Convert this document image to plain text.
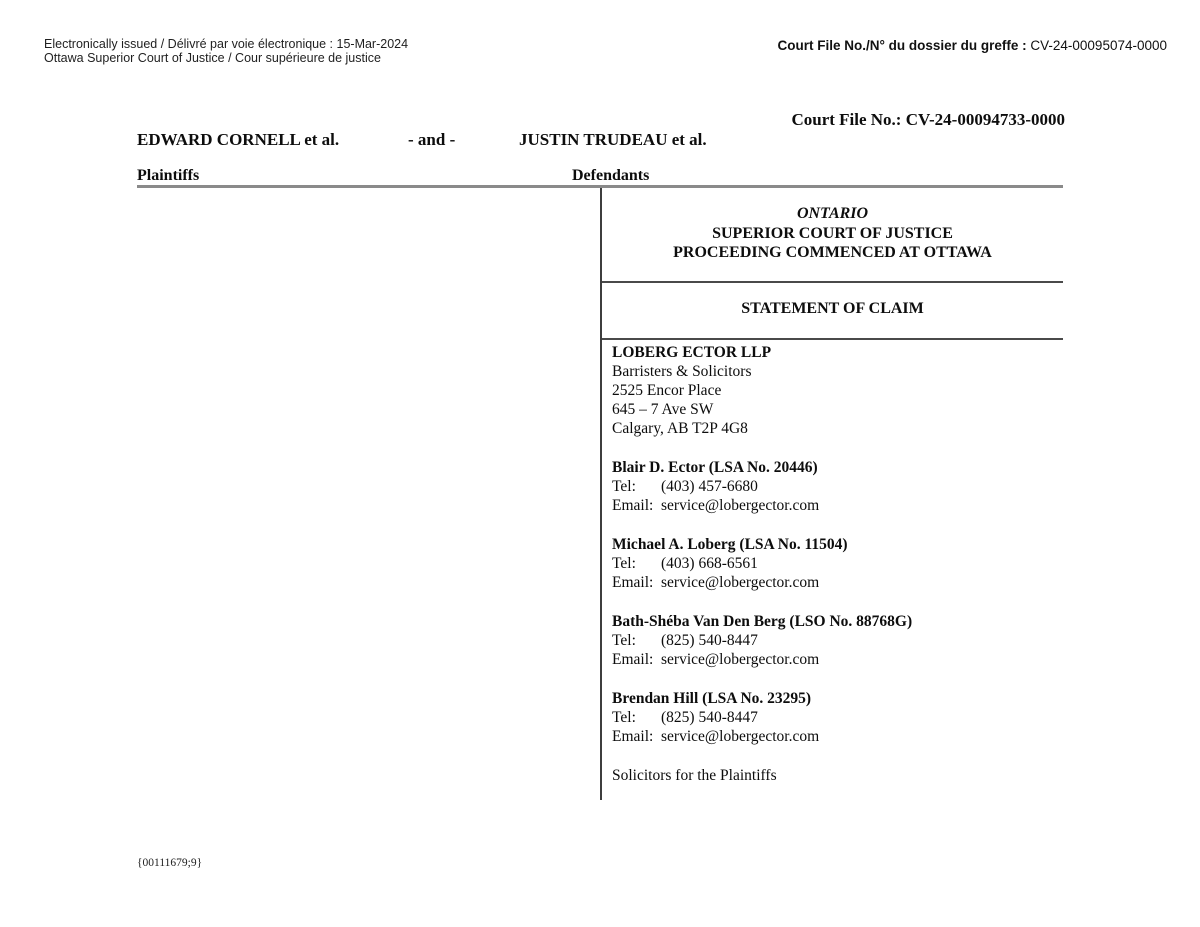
Electronically issued / Délivré par voie électronique : 15-Mar-2024
Ottawa Superior Court of Justice / Cour supérieure de justice
Court File No./N° du dossier du greffe : CV-24-00095074-0000
Court File No.: CV-24-00094733-0000
EDWARD CORNELL et al.	- and -	JUSTIN TRUDEAU et al.
Plaintiffs	Defendants
ONTARIO
SUPERIOR COURT OF JUSTICE
PROCEEDING COMMENCED AT OTTAWA
STATEMENT OF CLAIM
LOBERG ECTOR LLP
Barristers & Solicitors
2525 Encor Place
645 – 7 Ave SW
Calgary, AB T2P 4G8
Blair D. Ector (LSA No. 20446)
Tel: (403) 457-6680
Email: service@lobergector.com
Michael A. Loberg (LSA No. 11504)
Tel: (403) 668-6561
Email: service@lobergector.com
Bath-Shéba Van Den Berg (LSO No. 88768G)
Tel: (825) 540-8447
Email: service@lobergector.com
Brendan Hill (LSA No. 23295)
Tel: (825) 540-8447
Email: service@lobergector.com
Solicitors for the Plaintiffs
{00111679;9}
